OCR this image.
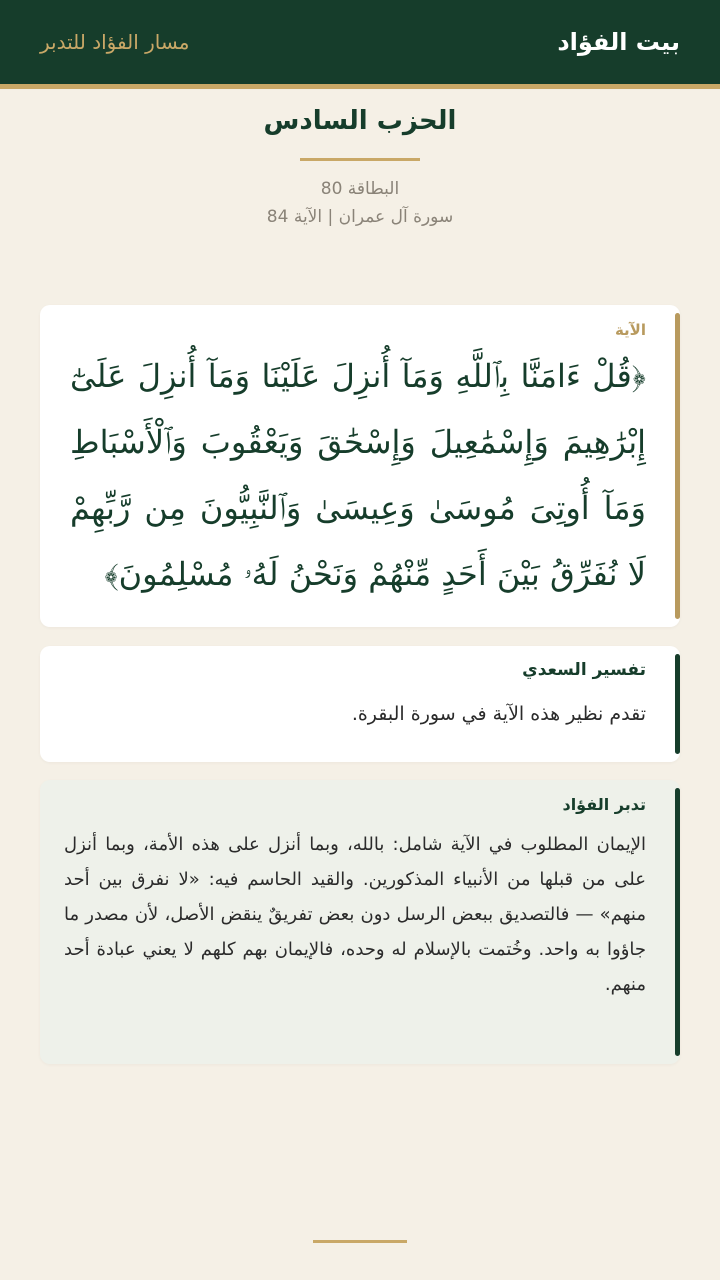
بيت الفؤاد
مسار الفؤاد للتدبر
الحزب السادس
البطاقة 80
سورة آل عمران | الآية 84
الآية
﴿قُلْ ءَامَنَّا بِٱللَّهِ وَمَآ أُنزِلَ عَلَيْنَا وَمَآ أُنزِلَ عَلَىٰٓ إِبْرَٰهِيمَ وَإِسْمَٰعِيلَ وَإِسْحَٰقَ وَيَعْقُوبَ وَٱلْأَسْبَاطِ وَمَآ أُوتِىَ مُوسَىٰ وَعِيسَىٰ وَٱلنَّبِيُّونَ مِن رَّبِّهِمْ لَا نُفَرِّقُ بَيْنَ أَحَدٍ مِّنْهُمْ وَنَحْنُ لَهُۥ مُسْلِمُونَ﴾
تفسير السعدي
تقدم نظير هذه الآية في سورة البقرة.
تدبر الفؤاد
الإيمان المطلوب في الآية شامل: بالله، وبما أنزل على هذه الأمة، وبما أنزل على من قبلها من الأنبياء المذكورين. والقيد الحاسم فيه: «لا نفرق بين أحد منهم» — فالتصديق ببعض الرسل دون بعض تفريقٌ ينقض الأصل، لأن مصدر ما جاؤوا به واحد. وخُتمت بالإسلام له وحده، فالإيمان بهم كلهم لا يعني عبادة أحد منهم.
